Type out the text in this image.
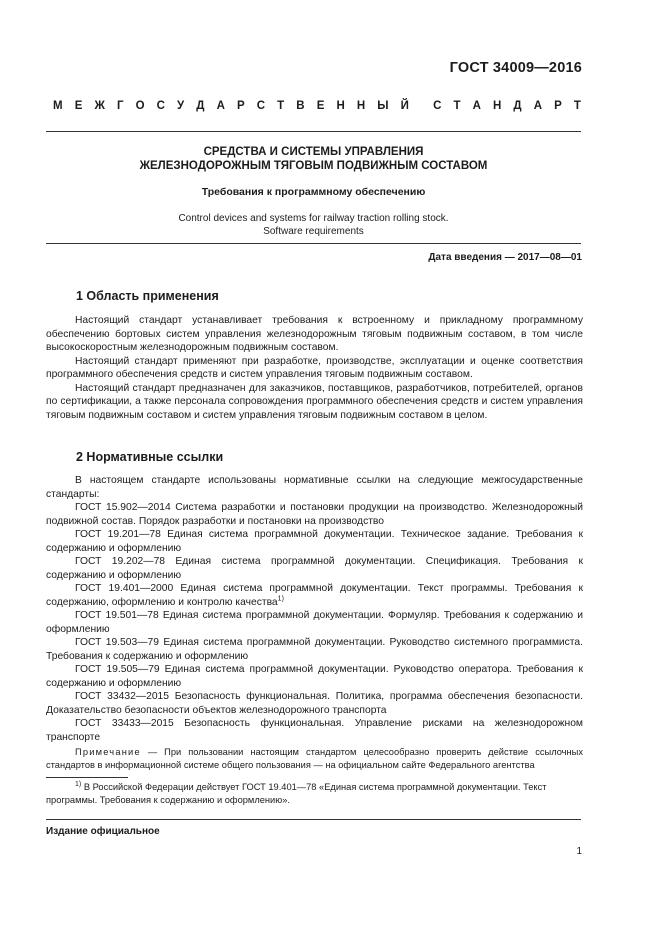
ГОСТ 34009—2016
М Е Ж Г О С У Д А Р С Т В Е Н Н Ы Й С Т А Н Д А Р Т
СРЕДСТВА И СИСТЕМЫ УПРАВЛЕНИЯ
ЖЕЛЕЗНОДОРОЖНЫМ ТЯГОВЫМ ПОДВИЖНЫМ СОСТАВОМ
Требования к программному обеспечению
Control devices and systems for railway traction rolling stock.
Software requirements
Дата введения — 2017—08—01
1 Область применения

Настоящий стандарт устанавливает требования к встроенному и прикладному программному обеспечению бортовых систем управления железнодорожным тяговым подвижным составом, в том числе высокоскоростным железнодорожным подвижным составом.

Настоящий стандарт применяют при разработке, производстве, эксплуатации и оценке соответствия программного обеспечения средств и систем управления тяговым подвижным составом.

Настоящий стандарт предназначен для заказчиков, поставщиков, разработчиков, потребителей, органов по сертификации, а также персонала сопровождения программного обеспечения средств и систем управления тяговым подвижным составом и систем управления тяговым подвижным составом в целом.

2 Нормативные ссылки

В настоящем стандарте использованы нормативные ссылки на следующие межгосударственные стандарты:

ГОСТ 15.902—2014 Система разработки и постановки продукции на производство. Железнодорожный подвижной состав. Порядок разработки и постановки на производство

ГОСТ 19.201—78 Единая система программной документации. Техническое задание. Требования к содержанию и оформлению

ГОСТ 19.202—78 Единая система программной документации. Спецификация. Требования к содержанию и оформлению

ГОСТ 19.401—2000 Единая система программной документации. Текст программы. Требования к содержанию, оформлению и контролю качества$^{1)}$

ГОСТ 19.501—78 Единая система программной документации. Формуляр. Требования к содержанию и оформлению

ГОСТ 19.503—79 Единая система программной документации. Руководство системного программиста. Требования к содержанию и оформлению

ГОСТ 19.505—79 Единая система программной документации. Руководство оператора. Требования к содержанию и оформлению

ГОСТ 33432—2015 Безопасность функциональная. Политика, программа обеспечения безопасности. Доказательство безопасности объектов железнодорожного транспорта

ГОСТ 33433—2015 Безопасность функциональная. Управление рисками на железнодорожном транспорте

Примечание — При пользовании настоящим стандартом целесообразно проверить действие ссылочных стандартов в информационной системе общего пользования — на официальном сайте Федерального агентства

$^{1)}$ В Российской Федерации действует ГОСТ 19.401—78 «Единая система программной документации. Текст программы. Требования к содержанию и оформлению».

Издание официальное
1
